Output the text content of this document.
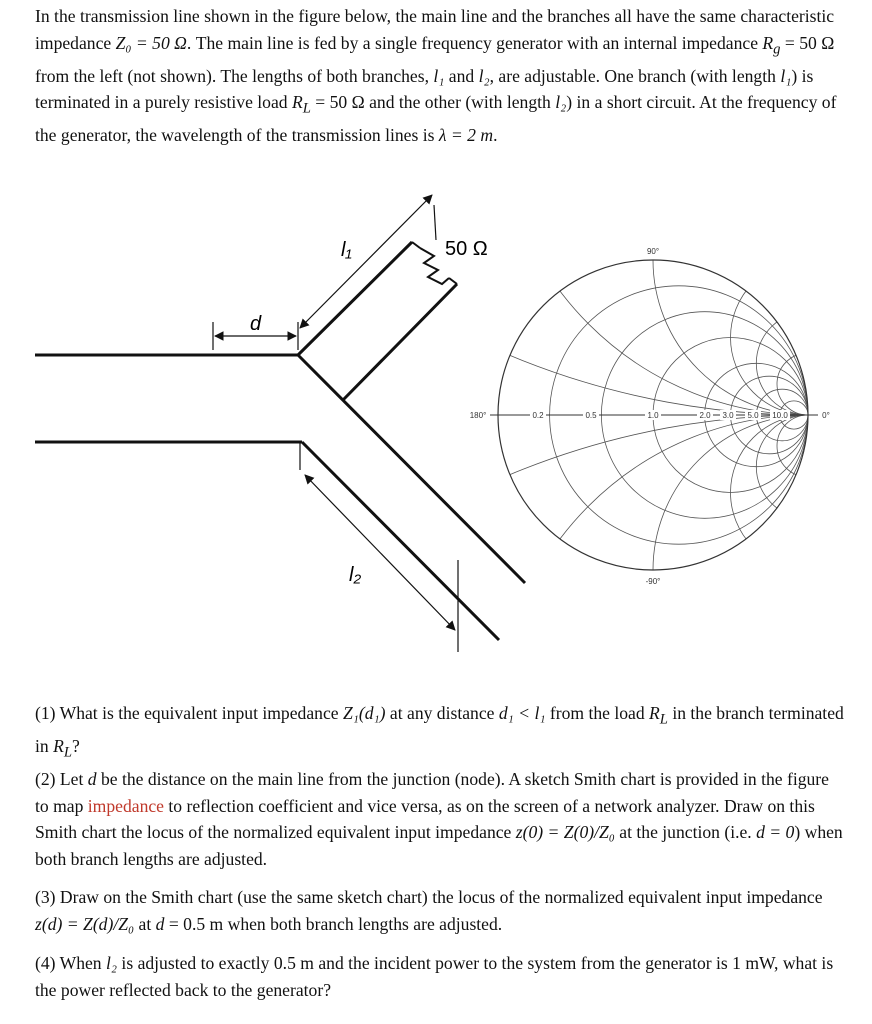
In the transmission line shown in the figure below, the main line and the branches all have the same characteristic impedance Z₀ = 50 Ω. The main line is fed by a single frequency generator with an internal impedance $R_g = 50$ Ω from the left (not shown). The lengths of both branches, l₁ and l₂, are adjustable. One branch (with length l₁) is terminated in a purely resistive load $R_L = 50$ Ω and the other (with length l₂) in a short circuit. At the frequency of the generator, the wavelength of the transmission lines is λ = 2 m.
d
l₁	50 Ω
l₂
90°
-90°
180°	0°
0.2	0.5	1.0	2.0 3.0 5.0 10.0
(1) What is the equivalent input impedance Z₁(d₁) at any distance d₁ < l₁ from the load $R_L$ in the branch terminated in $R_L$?
(2) Let d be the distance on the main line from the junction (node). A sketch Smith chart is provided in the figure to map impedance to reflection coefficient and vice versa, as on the screen of a network analyzer. Draw on this Smith chart the locus of the normalized equivalent input impedance z(0) = Z(0)/Z₀ at the junction (i.e. d = 0) when both branch lengths are adjusted.
(3) Draw on the Smith chart (use the same sketch chart) the locus of the normalized equivalent input impedance z(d) = Z(d)/Z₀ at d = 0.5 m when both branch lengths are adjusted.
(4) When l₂ is adjusted to exactly 0.5 m and the incident power to the system from the generator is 1 mW, what is the power reflected back to the generator?
